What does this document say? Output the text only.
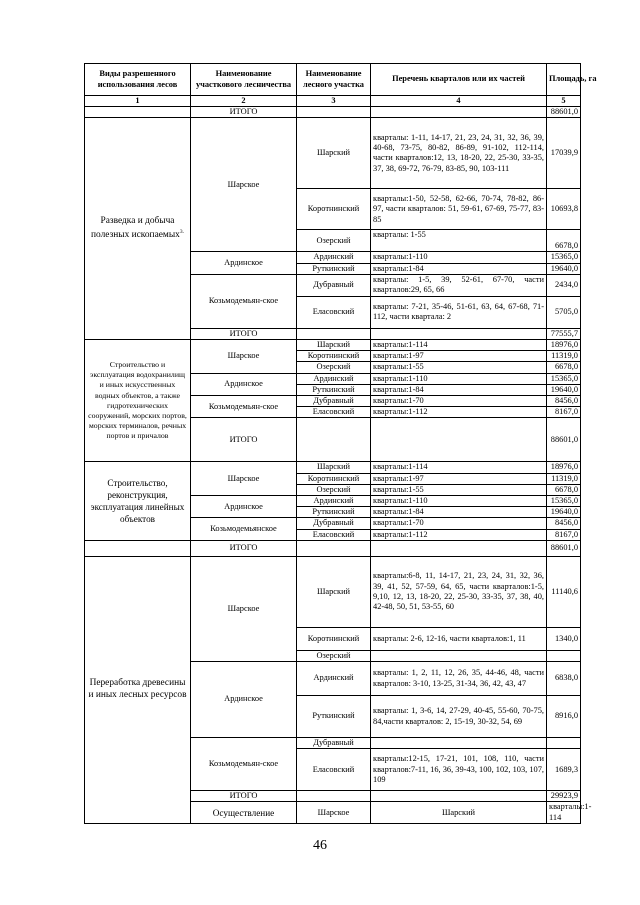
Виды разрешенного использования лесов	Наименование участкового лесничества	Наименование лесного участка	Перечень кварталов или их частей	Площадь, га	
1	2	3	4	5	
	ИТОГО			88601,0	
Разведка и добыча полезных ископаемых$^{3.}$	Шарское	Шарский	кварталы: 1-11, 14-17, 21, 23, 24, 31, 32, 36, 39, 40-68, 73-75, 80-82, 86-89, 91-102, 112-114, части кварталов:12, 13, 18-20, 22, 25-30, 33-35, 37, 38, 69-72, 76-79, 83-85, 90, 103-111	17039,9	
		Коротнинский	кварталы:1-50, 52-58, 62-66, 70-74, 78-82, 86-97, части кварталов: 51, 59-61, 67-69, 75-77, 83-85	10693,8	
		Озерский	кварталы: 1-55	6678,0	
	Ардинское	Ардинский	кварталы:1-110	15365,0	
		Руткинский	кварталы:1-84	19640,0	
	Козьмодемьян-ское	Дубравный	кварталы: 1-5, 39, 52-61, 67-70, части кварталов:29, 65, 66	2434,0	
		Еласовский	кварталы: 7-21, 35-46, 51-61, 63, 64, 67-68, 71- 112, части квартала: 2	5705,0	
	ИТОГО			77555,7	
Строительство и эксплуатация водохранилищ и иных искусственных водных объектов, а также гидротехнических сооружений, морских портов, морских терминалов, речных портов и причалов	Шарское	Шарский	кварталы:1-114	18976,0	
		Коротнинский	кварталы:1-97	11319,0	
		Озерский	кварталы:1-55	6678,0	
	Ардинское	Ардинский	кварталы:1-110	15365,0	
		Руткинский	кварталы:1-84	19640,0	
	Козьмодемьян-ское	Дубравный	кварталы:1-70	8456,0	
		Еласовский	кварталы:1-112	8167,0	
	ИТОГО			88601,0	
Строительство, реконструкция, эксплуатация линейных объектов	Шарское	Шарский	кварталы:1-114	18976,0	
		Коротнинский	кварталы:1-97	11319,0	
		Озерский	кварталы:1-55	6678,0	
	Ардинское	Ардинский	кварталы:1-110	15365,0	
		Руткинский	кварталы:1-84	19640,0	
	Козьмодемьянское	Дубравный	кварталы:1-70	8456,0	
		Еласовский	кварталы:1-112	8167,0	
	ИТОГО			88601,0	
Переработка древесины и иных лесных ресурсов	Шарское	Шарский	кварталы:6-8, 11, 14-17, 21, 23, 24, 31, 32, 36, 39, 41, 52, 57-59, 64, 65, части кварталов:1-5, 9,10, 12, 13, 18-20, 22, 25-30, 33-35, 37, 38, 40, 42-48, 50, 51, 53-55, 60	11140,6	
		Коротнинский	кварталы: 2-6, 12-16, части кварталов:1, 11	1340,0	
		Озерский			
	Ардинское	Ардинский	кварталы: 1, 2, 11, 12, 26, 35, 44-46, 48, части кварталов: 3-10, 13-25, 31-34, 36, 42, 43, 47	6838,0	
		Руткинский	кварталы: 1, 3-6, 14, 27-29, 40-45, 55-60, 70-75, 84,части кварталов: 2, 15-19, 30-32, 54, 69	8916,0	
	Козьмодемьян-ское	Дубравный			
		Еласовский	кварталы:12-15, 17-21, 101, 108, 110, части кварталов:7-11, 16, 36, 39-43, 100, 102, 103, 107, 109	1689,3	
	ИТОГО			29923,9	
	Осуществление	Шарское	Шарский	кварталы:1-114	
46
